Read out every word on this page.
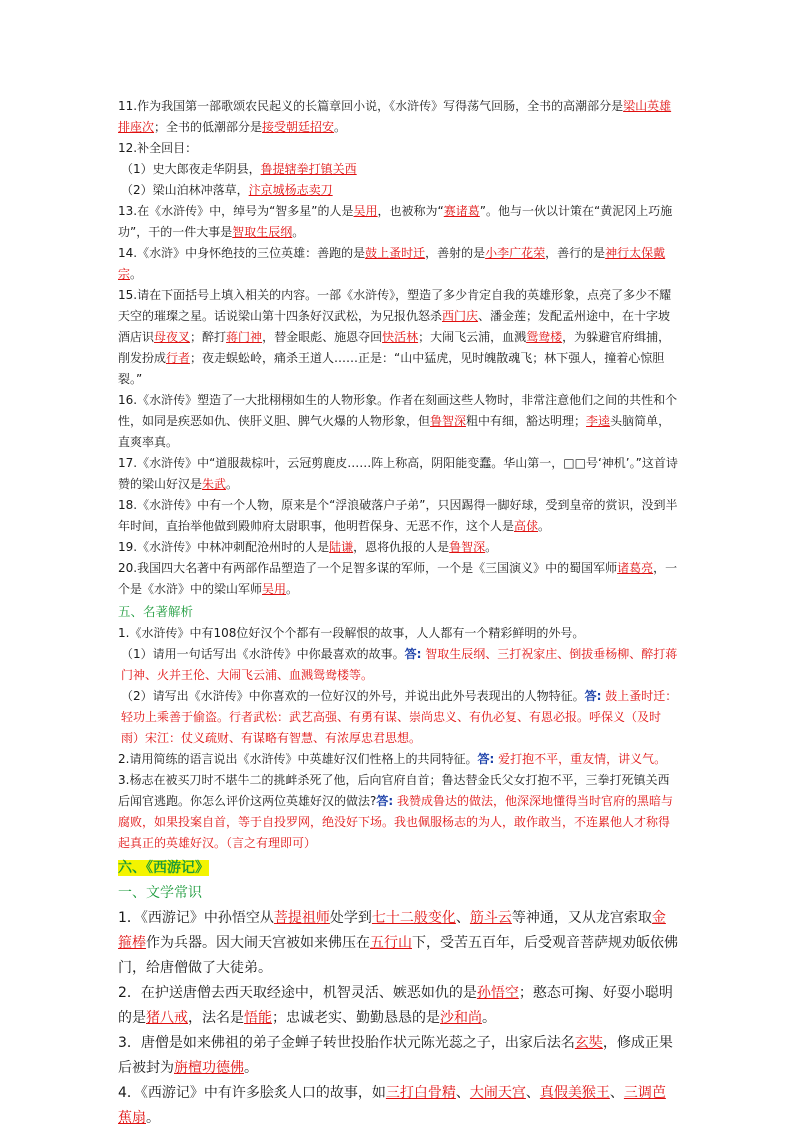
11.作为我国第一部歌颂农民起义的长篇章回小说，《水浒传》写得荡气回肠，全书的高潮部分是梁山英雄排座次；全书的低潮部分是接受朝廷招安。

12.补全回目：

（1）史大郎夜走华阴县，鲁提辖拳打镇关西

（2）梁山泊林冲落草，汴京城杨志卖刀

13.在《水浒传》中，绰号为“智多星”的人是吴用，也被称为“赛诸葛”。他与一伙以计策在“黄泥冈上巧施功”，干的一件大事是智取生辰纲。

14.《水浒》中身怀绝技的三位英雄：善跑的是鼓上蚤时迁，善射的是小李广花荣，善行的是神行太保戴宗。

15.请在下面括号上填入相关的内容。一部《水浒传》，塑造了多少肯定自我的英雄形象，点亮了多少不耀天空的璀璨之星。话说梁山第十四条好汉武松，为兄报仇怒杀西门庆、潘金莲；发配孟州途中，在十字坡酒店识母夜叉；醉打蒋门神，替金眼彪、施恩夺回快活林；大闹飞云浦，血溅鸳鸯楼，为躲避官府缉捕，削发扮成行者；夜走蜈蚣岭，痛杀王道人……正是：“山中猛虎，见时魄散魂飞；林下强人，撞着心惊胆裂。”

16.《水浒传》塑造了一大批栩栩如生的人物形象。作者在刻画这些人物时，非常注意他们之间的共性和个性，如同是疾恶如仇、侠肝义胆、脾气火爆的人物形象，但鲁智深粗中有细，豁达明理；李逵头脑简单，直爽率真。

17.《水浒传》中“道服裁棕叶，云冠剪鹿皮……阵上称高，阴阳能变蠢。华山第一，□□号‘神机’。”这首诗赞的梁山好汉是朱武。

18.《水浒传》中有一个人物，原来是个“浮浪破落户子弟”，只因踢得一脚好球，受到皇帝的赏识，没到半年时间，直抬举他做到殿帅府太尉职事，他明哲保身、无恶不作，这个人是高俅。

19.《水浒传》中林冲刺配沧州时的人是陆谦，恩将仇报的人是鲁智深。

20.我国四大名著中有两部作品塑造了一个足智多谋的军师，一个是《三国演义》中的蜀国军师诸葛亮，一个是《水浒》中的梁山军师吴用。

五、名著解析

1.《水浒传》中有108位好汉个个都有一段解恨的故事，人人都有一个精彩鲜明的外号。

（1）请用一句话写出《水浒传》中你最喜欢的故事。答: 智取生辰纲、三打祝家庄、倒拔垂杨柳、醉打蒋门神、火并王伦、大闹飞云浦、血溅鸳鸯楼等。

（2）请写出《水浒传》中你喜欢的一位好汉的外号，并说出此外号表现出的人物特征。答: 鼓上蚤时迁：轻功上乘善于偷盗。行者武松：武艺高强、有勇有谋、崇尚忠义、有仇必复、有恩必报。呼保义（及时雨）宋江：仗义疏财、有谋略有智慧、有浓厚忠君思想。

2.请用简练的语言说出《水浒传》中英雄好汉们性格上的共同特征。答: 爱打抱不平，重友情，讲义气。

3.杨志在被买刀时不堪牛二的挑衅杀死了他，后向官府自首；鲁达替金氏父女打抱不平，三拳打死镇关西后闻官逃跑。你怎么评价这两位英雄好汉的做法?答: 我赞成鲁达的做法，他深深地懂得当时官府的黑暗与腐败，如果投案自首，等于自投罗网，绝没好下场。我也佩服杨志的为人，敢作敢当，不连累他人才称得起真正的英雄好汉。（言之有理即可）

六、《西游记》

一、文学常识

1．《西游记》中孙悟空从菩提祖师处学到七十二般变化、筋斗云等神通，又从龙宫索取金箍棒作为兵器。因大闹天宫被如来佛压在五行山下，受苦五百年，后受观音菩萨规劝皈依佛门，给唐僧做了大徒弟。

2．在护送唐僧去西天取经途中，机智灵活、嫉恶如仇的是孙悟空；憨态可掬、好耍小聪明的是猪八戒，法名是悟能；忠诚老实、勤勤恳恳的是沙和尚。

3．唐僧是如来佛祖的弟子金蝉子转世投胎作状元陈光蕊之子，出家后法名玄奘，修成正果后被封为旃檀功德佛。

4．《西游记》中有许多脍炙人口的故事，如三打白骨精、大闹天宫、真假美猴王、三调芭蕉扇。
